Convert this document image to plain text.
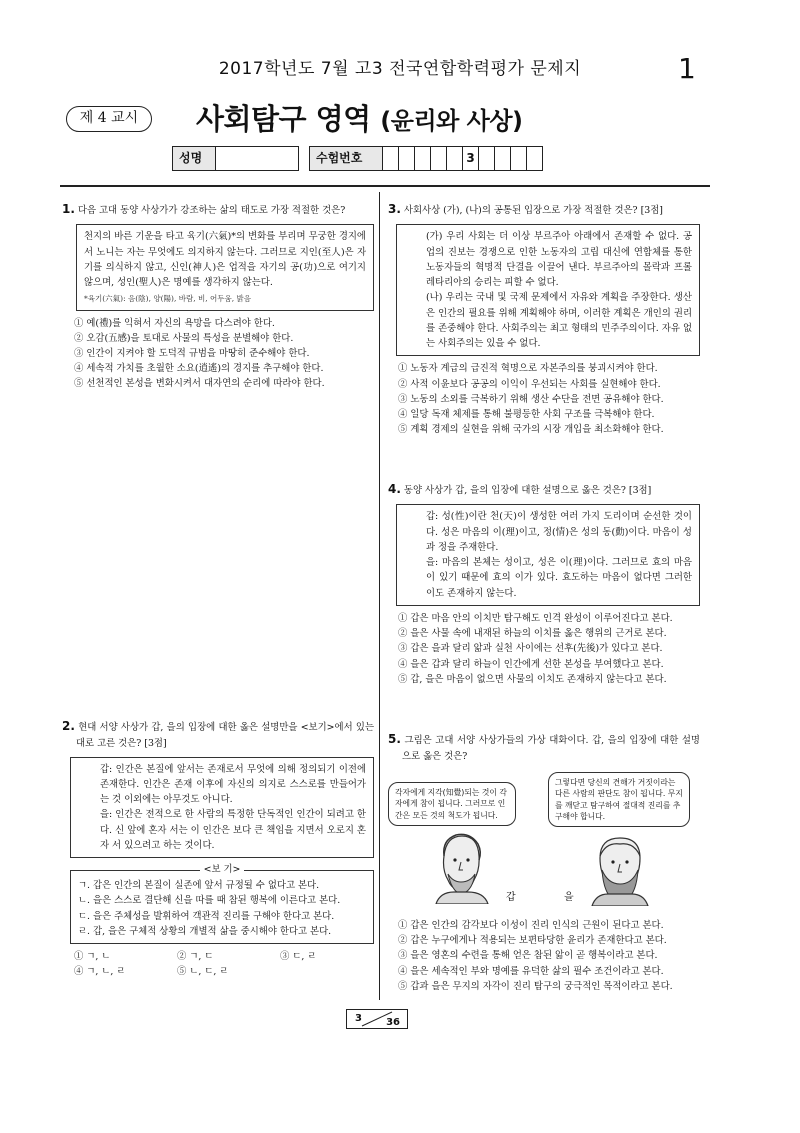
2017학년도 7월 고3 전국연합학력평가 문제지	1
제 4 교시	사회탐구 영역 (윤리와 사상)
성명	수험번호	3
1. 다음 고대 동양 사상가가 강조하는 삶의 태도로 가장 적절한 것은?

천지의 바른 기운을 타고 육기(六氣)*의 변화를 부리며 무궁한 경지에서 노니는 자는 무엇에도 의지하지 않는다. 그러므로 지인(至人)은 자기를 의식하지 않고, 신인(神人)은 업적을 자기의 공(功)으로 여기지 않으며, 성인(聖人)은 명예를 생각하지 않는다.

*육기(六氣): 음(陰), 양(陽), 바람, 비, 어두움, 밝음
① 예(禮)를 익혀서 자신의 욕망을 다스려야 한다.
② 오감(五感)을 토대로 사물의 특성을 분별해야 한다.
③ 인간이 지켜야 할 도덕적 규범을 마땅히 준수해야 한다.
④ 세속적 가치를 초월한 소요(逍遙)의 경지를 추구해야 한다.
⑤ 선천적인 본성을 변화시켜서 대자연의 순리에 따라야 한다.
2. 현대 서양 사상가 갑, 을의 입장에 대한 옳은 설명만을 <보기>에서 있는 대로 고른 것은? [3점]

갑: 인간은 본질에 앞서는 존재로서 무엇에 의해 정의되기 이전에 존재한다. 인간은 존재 이후에 자신의 의지로 스스로를 만들어가는 것 이외에는 아무것도 아니다.

을: 인간은 전적으로 한 사람의 특정한 단독적인 인간이 되려고 한다. 신 앞에 혼자 서는 이 인간은 보다 큰 책임을 지면서 오로지 혼자 서 있으려고 하는 것이다.

<보 기>
ㄱ. 갑은 인간의 본질이 실존에 앞서 규정될 수 없다고 본다.
ㄴ. 을은 스스로 결단해 신을 따를 때 참된 행복에 이른다고 본다.
ㄷ. 을은 주체성을 발휘하여 객관적 진리를 구해야 한다고 본다.
ㄹ. 갑, 을은 구체적 상황의 개별적 삶을 중시해야 한다고 본다.
① ㄱ, ㄴ	② ㄱ, ㄷ	③ ㄷ, ㄹ
④ ㄱ, ㄴ, ㄹ	⑤ ㄴ, ㄷ, ㄹ
3. 사회사상 (가), (나)의 공통된 입장으로 가장 적절한 것은? [3점]

(가) 우리 사회는 더 이상 부르주아 아래에서 존재할 수 없다. 공업의 진보는 경쟁으로 인한 노동자의 고립 대신에 연합체를 통한 노동자들의 혁명적 단결을 이끌어 낸다. 부르주아의 몰락과 프롤레타리아의 승리는 피할 수 없다.

(나) 우리는 국내 및 국제 문제에서 자유와 계획을 주장한다. 생산은 인간의 필요를 위해 계획해야 하며, 이러한 계획은 개인의 권리를 존중해야 한다. 사회주의는 최고 형태의 민주주의이다. 자유 없는 사회주의는 있을 수 없다.

① 노동자 계급의 급진적 혁명으로 자본주의를 붕괴시켜야 한다.
② 사적 이윤보다 공공의 이익이 우선되는 사회를 실현해야 한다.
③ 노동의 소외를 극복하기 위해 생산 수단을 전면 공유해야 한다.
④ 일당 독재 체제를 통해 불평등한 사회 구조를 극복해야 한다.
⑤ 계획 경제의 실현을 위해 국가의 시장 개입을 최소화해야 한다.
4. 동양 사상가 갑, 을의 입장에 대한 설명으로 옳은 것은? [3점]

갑: 성(性)이란 천(天)이 생성한 여러 가지 도리이며 순선한 것이다. 성은 마음의 이(理)이고, 정(情)은 성의 동(動)이다. 마음이 성과 정을 주재한다.

을: 마음의 본체는 성이고, 성은 이(理)이다. 그러므로 효의 마음이 있기 때문에 효의 이가 있다. 효도하는 마음이 없다면 그러한 이도 존재하지 않는다.

① 갑은 마음 안의 이치만 탐구해도 인격 완성이 이루어진다고 본다.
② 을은 사물 속에 내재된 하늘의 이치를 옳은 행위의 근거로 본다.
③ 갑은 을과 달리 앎과 실천 사이에는 선후(先後)가 있다고 본다.
④ 을은 갑과 달리 하늘이 인간에게 선한 본성을 부여했다고 본다.
⑤ 갑, 을은 마음이 없으면 사물의 이치도 존재하지 않는다고 본다.
5. 그림은 고대 서양 사상가들의 가상 대화이다. 갑, 을의 입장에 대한 설명으로 옳은 것은?
각자에게 지각(知覺)되는 것이 각자에게 참이 됩니다. 그러므로 인간은 모든 것의 척도가 됩니다.
그렇다면 당신의 견해가 거짓이라는 다른 사람의 판단도 참이 됩니다. 무지를 깨닫고 탐구하여 절대적 진리를 추구해야 합니다.
갑	을
① 갑은 인간의 감각보다 이성이 진리 인식의 근원이 된다고 본다.
② 갑은 누구에게나 적용되는 보편타당한 윤리가 존재한다고 본다.
③ 을은 영혼의 수련을 통해 얻은 참된 앎이 곧 행복이라고 본다.
④ 을은 세속적인 부와 명예를 유덕한 삶의 필수 조건이라고 본다.
⑤ 갑과 을은 무지의 자각이 진리 탐구의 궁극적인 목적이라고 본다.
3 36
